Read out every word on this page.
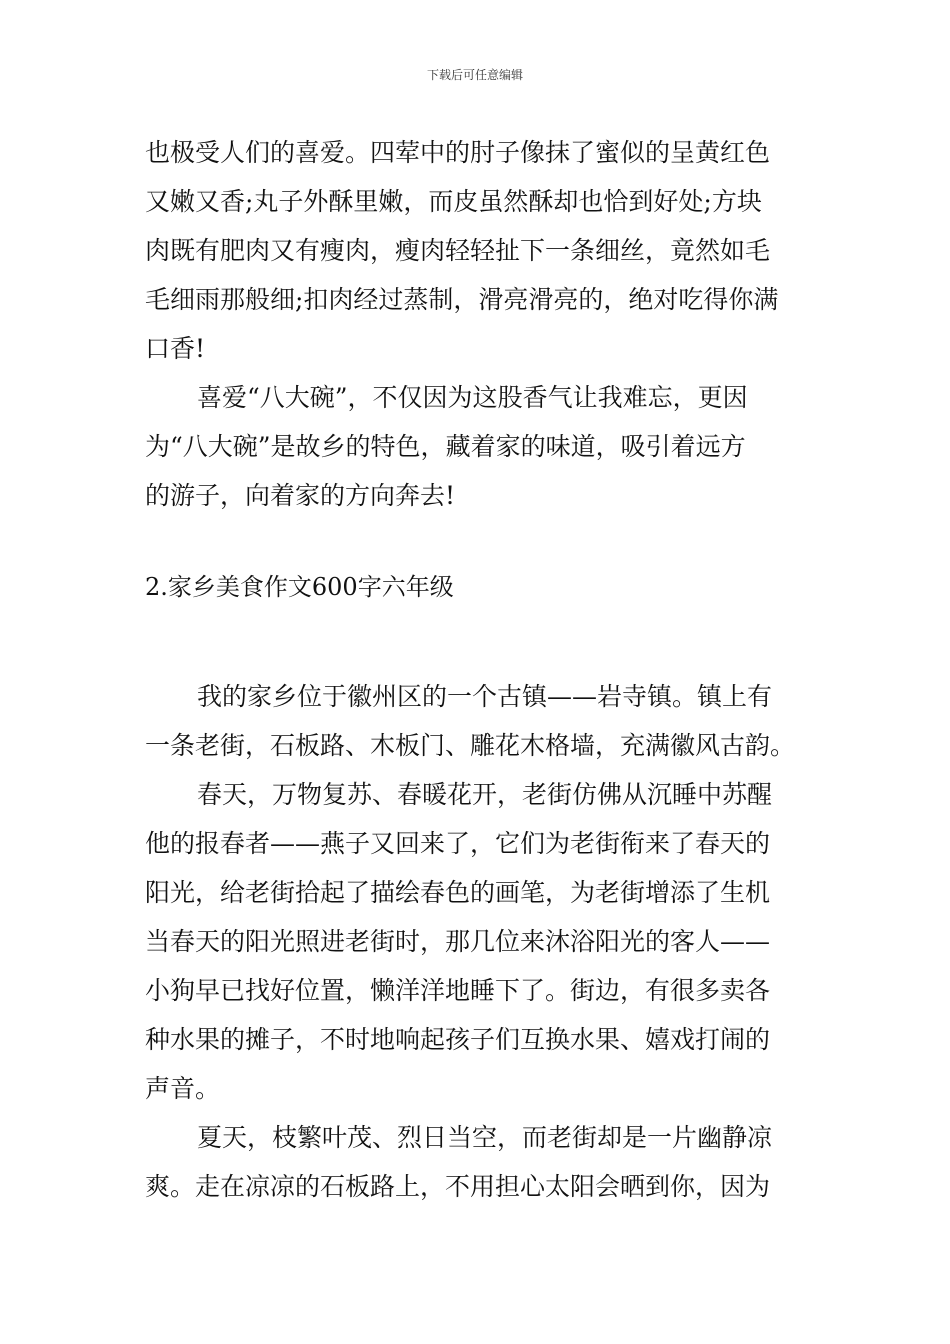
下载后可任意编辑
也极受人们的喜爱。四荤中的肘子像抹了蜜似的呈黄红色
又嫩又香;丸子外酥里嫩，而皮虽然酥却也恰到好处;方块
肉既有肥肉又有瘦肉，瘦肉轻轻扯下一条细丝，竟然如毛
毛细雨那般细;扣肉经过蒸制，滑亮滑亮的，绝对吃得你满
口香!
喜爱“八大碗”，不仅因为这股香气让我难忘，更因
为“八大碗”是故乡的特色，藏着家的味道，吸引着远方
的游子，向着家的方向奔去!
2.家乡美食作文600字六年级
我的家乡位于徽州区的一个古镇——岩寺镇。镇上有
一条老街，石板路、木板门、雕花木格墙，充满徽风古韵。
春天，万物复苏、春暖花开，老街仿佛从沉睡中苏醒
他的报春者——燕子又回来了，它们为老街衔来了春天的
阳光，给老街拾起了描绘春色的画笔，为老街增添了生机
当春天的阳光照进老街时，那几位来沐浴阳光的客人——
小狗早已找好位置，懒洋洋地睡下了。街边，有很多卖各
种水果的摊子，不时地响起孩子们互换水果、嬉戏打闹的
声音。
夏天，枝繁叶茂、烈日当空，而老街却是一片幽静凉
爽。走在凉凉的石板路上，不用担心太阳会晒到你，因为
